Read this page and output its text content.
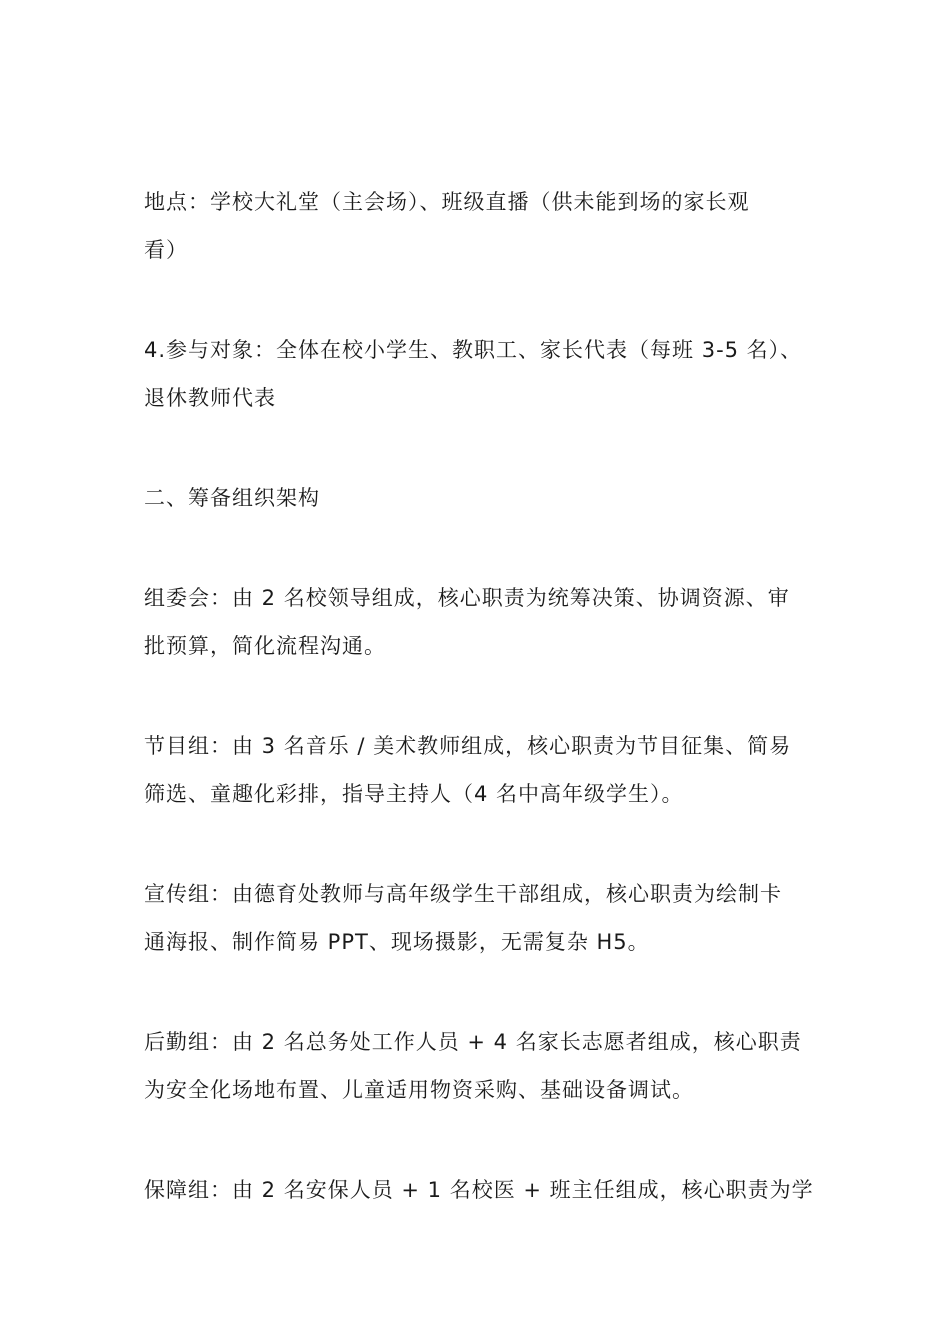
地点：学校大礼堂（主会场）、班级直播（供未能到场的家长观
看）

4.参与对象：全体在校小学生、教职工、家长代表（每班 3-5 名）、
退休教师代表

二、筹备组织架构

组委会：由 2 名校领导组成，核心职责为统筹决策、协调资源、审
批预算，简化流程沟通。

节目组：由 3 名音乐 / 美术教师组成，核心职责为节目征集、简易
筛选、童趣化彩排，指导主持人（4 名中高年级学生）。

宣传组：由德育处教师与高年级学生干部组成，核心职责为绘制卡
通海报、制作简易 PPT、现场摄影，无需复杂 H5。

后勤组：由 2 名总务处工作人员 + 4 名家长志愿者组成，核心职责
为安全化场地布置、儿童适用物资采购、基础设备调试。

保障组：由 2 名安保人员 + 1 名校医 + 班主任组成，核心职责为学
